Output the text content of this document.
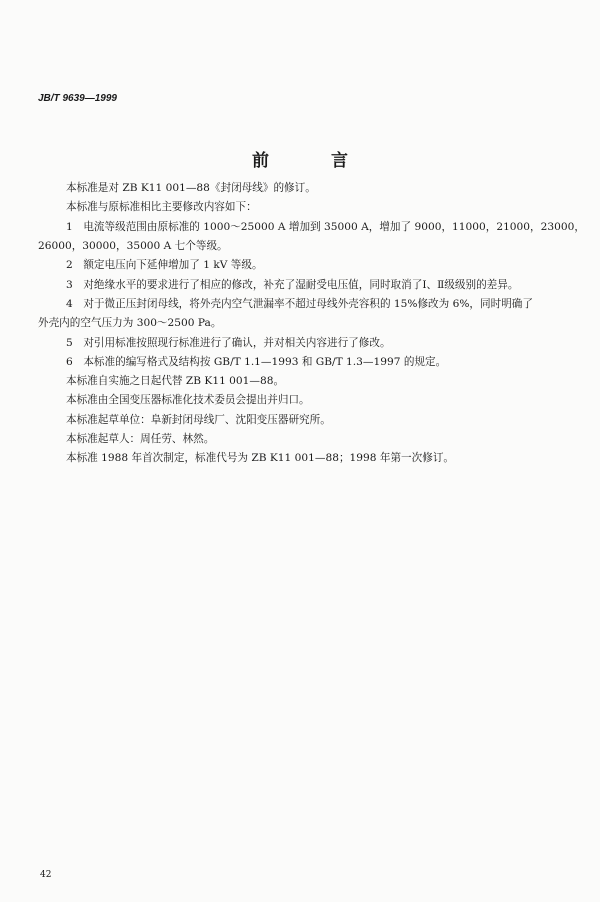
JB/T 9639—1999
前 言
本标准是对 ZB K11 001—88《封闭母线》的修订。
本标准与原标准相比主要修改内容如下：
1　电流等级范围由原标准的 1000～25000 A 增加到 35000 A，增加了 9000，11000，21000，23000，
26000，30000，35000 A 七个等级。
2　额定电压向下延伸增加了 1 kV 等级。
3　对绝缘水平的要求进行了相应的修改，补充了湿耐受电压值，同时取消了Ⅰ、Ⅱ级级别的差异。
4　对于微正压封闭母线，将外壳内空气泄漏率不超过母线外壳容积的 15%修改为 6%，同时明确了
外壳内的空气压力为 300～2500 Pa。
5　对引用标准按照现行标准进行了确认，并对相关内容进行了修改。
6　本标准的编写格式及结构按 GB/T 1.1—1993 和 GB/T 1.3—1997 的规定。
本标准自实施之日起代替 ZB K11 001—88。
本标准由全国变压器标准化技术委员会提出并归口。
本标准起草单位：阜新封闭母线厂、沈阳变压器研究所。
本标准起草人：周任劳、林然。
本标准 1988 年首次制定，标准代号为 ZB K11 001—88；1998 年第一次修订。
42
